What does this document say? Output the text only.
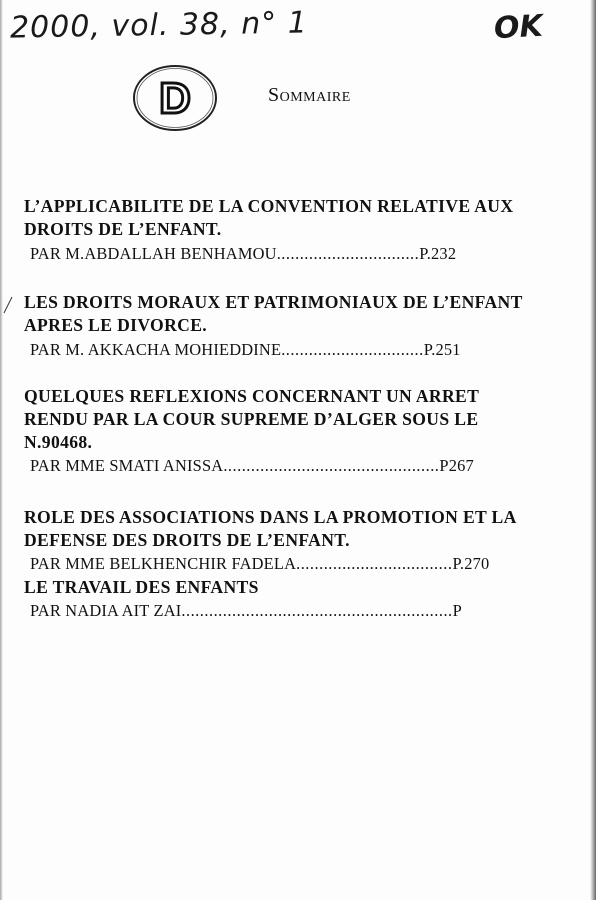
2000, vol. 38, n° 1	OK
D	Sommaire
L’APPLICABILITE DE LA CONVENTION RELATIVE AUX
DROITS DE L’ENFANT.
PAR M.ABDALLAH BENHAMOU...............................P.232
LES DROITS MORAUX ET PATRIMONIAUX DE L’ENFANT
APRES LE DIVORCE.
PAR M. AKKACHA MOHIEDDINE...............................P.251
QUELQUES REFLEXIONS CONCERNANT UN ARRET
RENDU PAR LA COUR SUPREME D’ALGER SOUS LE
N.90468.
PAR MME SMATI ANISSA...............................................P267
ROLE DES ASSOCIATIONS DANS LA PROMOTION ET LA
DEFENSE DES DROITS DE L’ENFANT.
PAR MME BELKHENCHIR FADELA..................................P.270
LE TRAVAIL DES ENFANTS
PAR NADIA AIT ZAI...........................................................P
